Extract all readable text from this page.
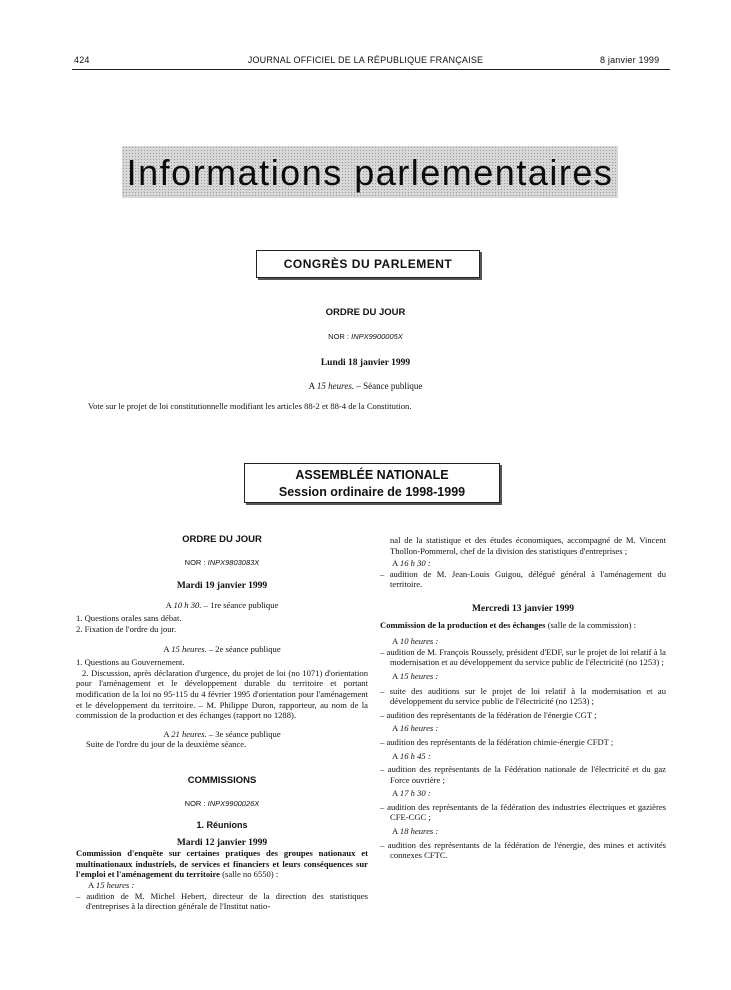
424	JOURNAL OFFICIEL DE LA RÉPUBLIQUE FRANÇAISE	8 janvier 1999
Informations parlementaires
CONGRÈS DU PARLEMENT
ORDRE DU JOUR
NOR : INPX9900005X
Lundi 18 janvier 1999
A 15 heures. – Séance publique
Vote sur le projet de loi constitutionnelle modifiant les articles 88-2 et 88-4 de la Constitution.
ASSEMBLÉE NATIONALE
Session ordinaire de 1998-1999

ORDRE DU JOUR

NOR : INPX9803083X

Mardi 19 janvier 1999

A 10 h 30. – 1re séance publique

1. Questions orales sans débat.

2. Fixation de l'ordre du jour.

A 15 heures. – 2e séance publique

1. Questions au Gouvernement.

2. Discussion, après déclaration d'urgence, du projet de loi (no 1071) d'orientation pour l'aménagement et le développement durable du territoire et portant modification de la loi no 95-115 du 4 février 1995 d'orientation pour l'aménagement et le développement du territoire. – M. Philippe Duron, rapporteur, au nom de la commission de la production et des échanges (rapport no 1288).

A 21 heures. – 3e séance publique

Suite de l'ordre du jour de la deuxième séance.

COMMISSIONS

NOR : INPX9900026X

1. Réunions

Mardi 12 janvier 1999

Commission d'enquête sur certaines pratiques des groupes nationaux et multinationaux industriels, de services et financiers et leurs conséquences sur l'emploi et l'aménagement du territoire (salle no 6550) :

A 15 heures :

– audition de M. Michel Hebert, directeur de la direction des statistiques d'entreprises à la direction générale de l'Institut natio-

nal de la statistique et des études économiques, accompagné de M. Vincent Thollon-Pommerol, chef de la division des statistiques d'entreprises ;

A 16 h 30 :

– audition de M. Jean-Louis Guigou, délégué général à l'aménagement du territoire.

Mercredi 13 janvier 1999

Commission de la production et des échanges (salle de la commission) :

A 10 heures :

– audition de M. François Roussely, président d'EDF, sur le projet de loi relatif à la modernisation et au développement du service public de l'électricité (no 1253) ;

A 15 heures :

– suite des auditions sur le projet de loi relatif à la modernisation et au développement du service public de l'électricité (no 1253) ;

– audition des représentants de la fédération de l'énergie CGT ;

A 16 heures :

– audition des représentants de la fédération chimie-énergie CFDT ;

A 16 h 45 :

– audition des représentants de la Fédération nationale de l'électricité et du gaz Force ouvrière ;

A 17 h 30 :

– audition des représentants de la fédération des industries électriques et gazières CFE-CGC ;

A 18 heures :

– audition des représentants de la fédération de l'énergie, des mines et activités connexes CFTC.
